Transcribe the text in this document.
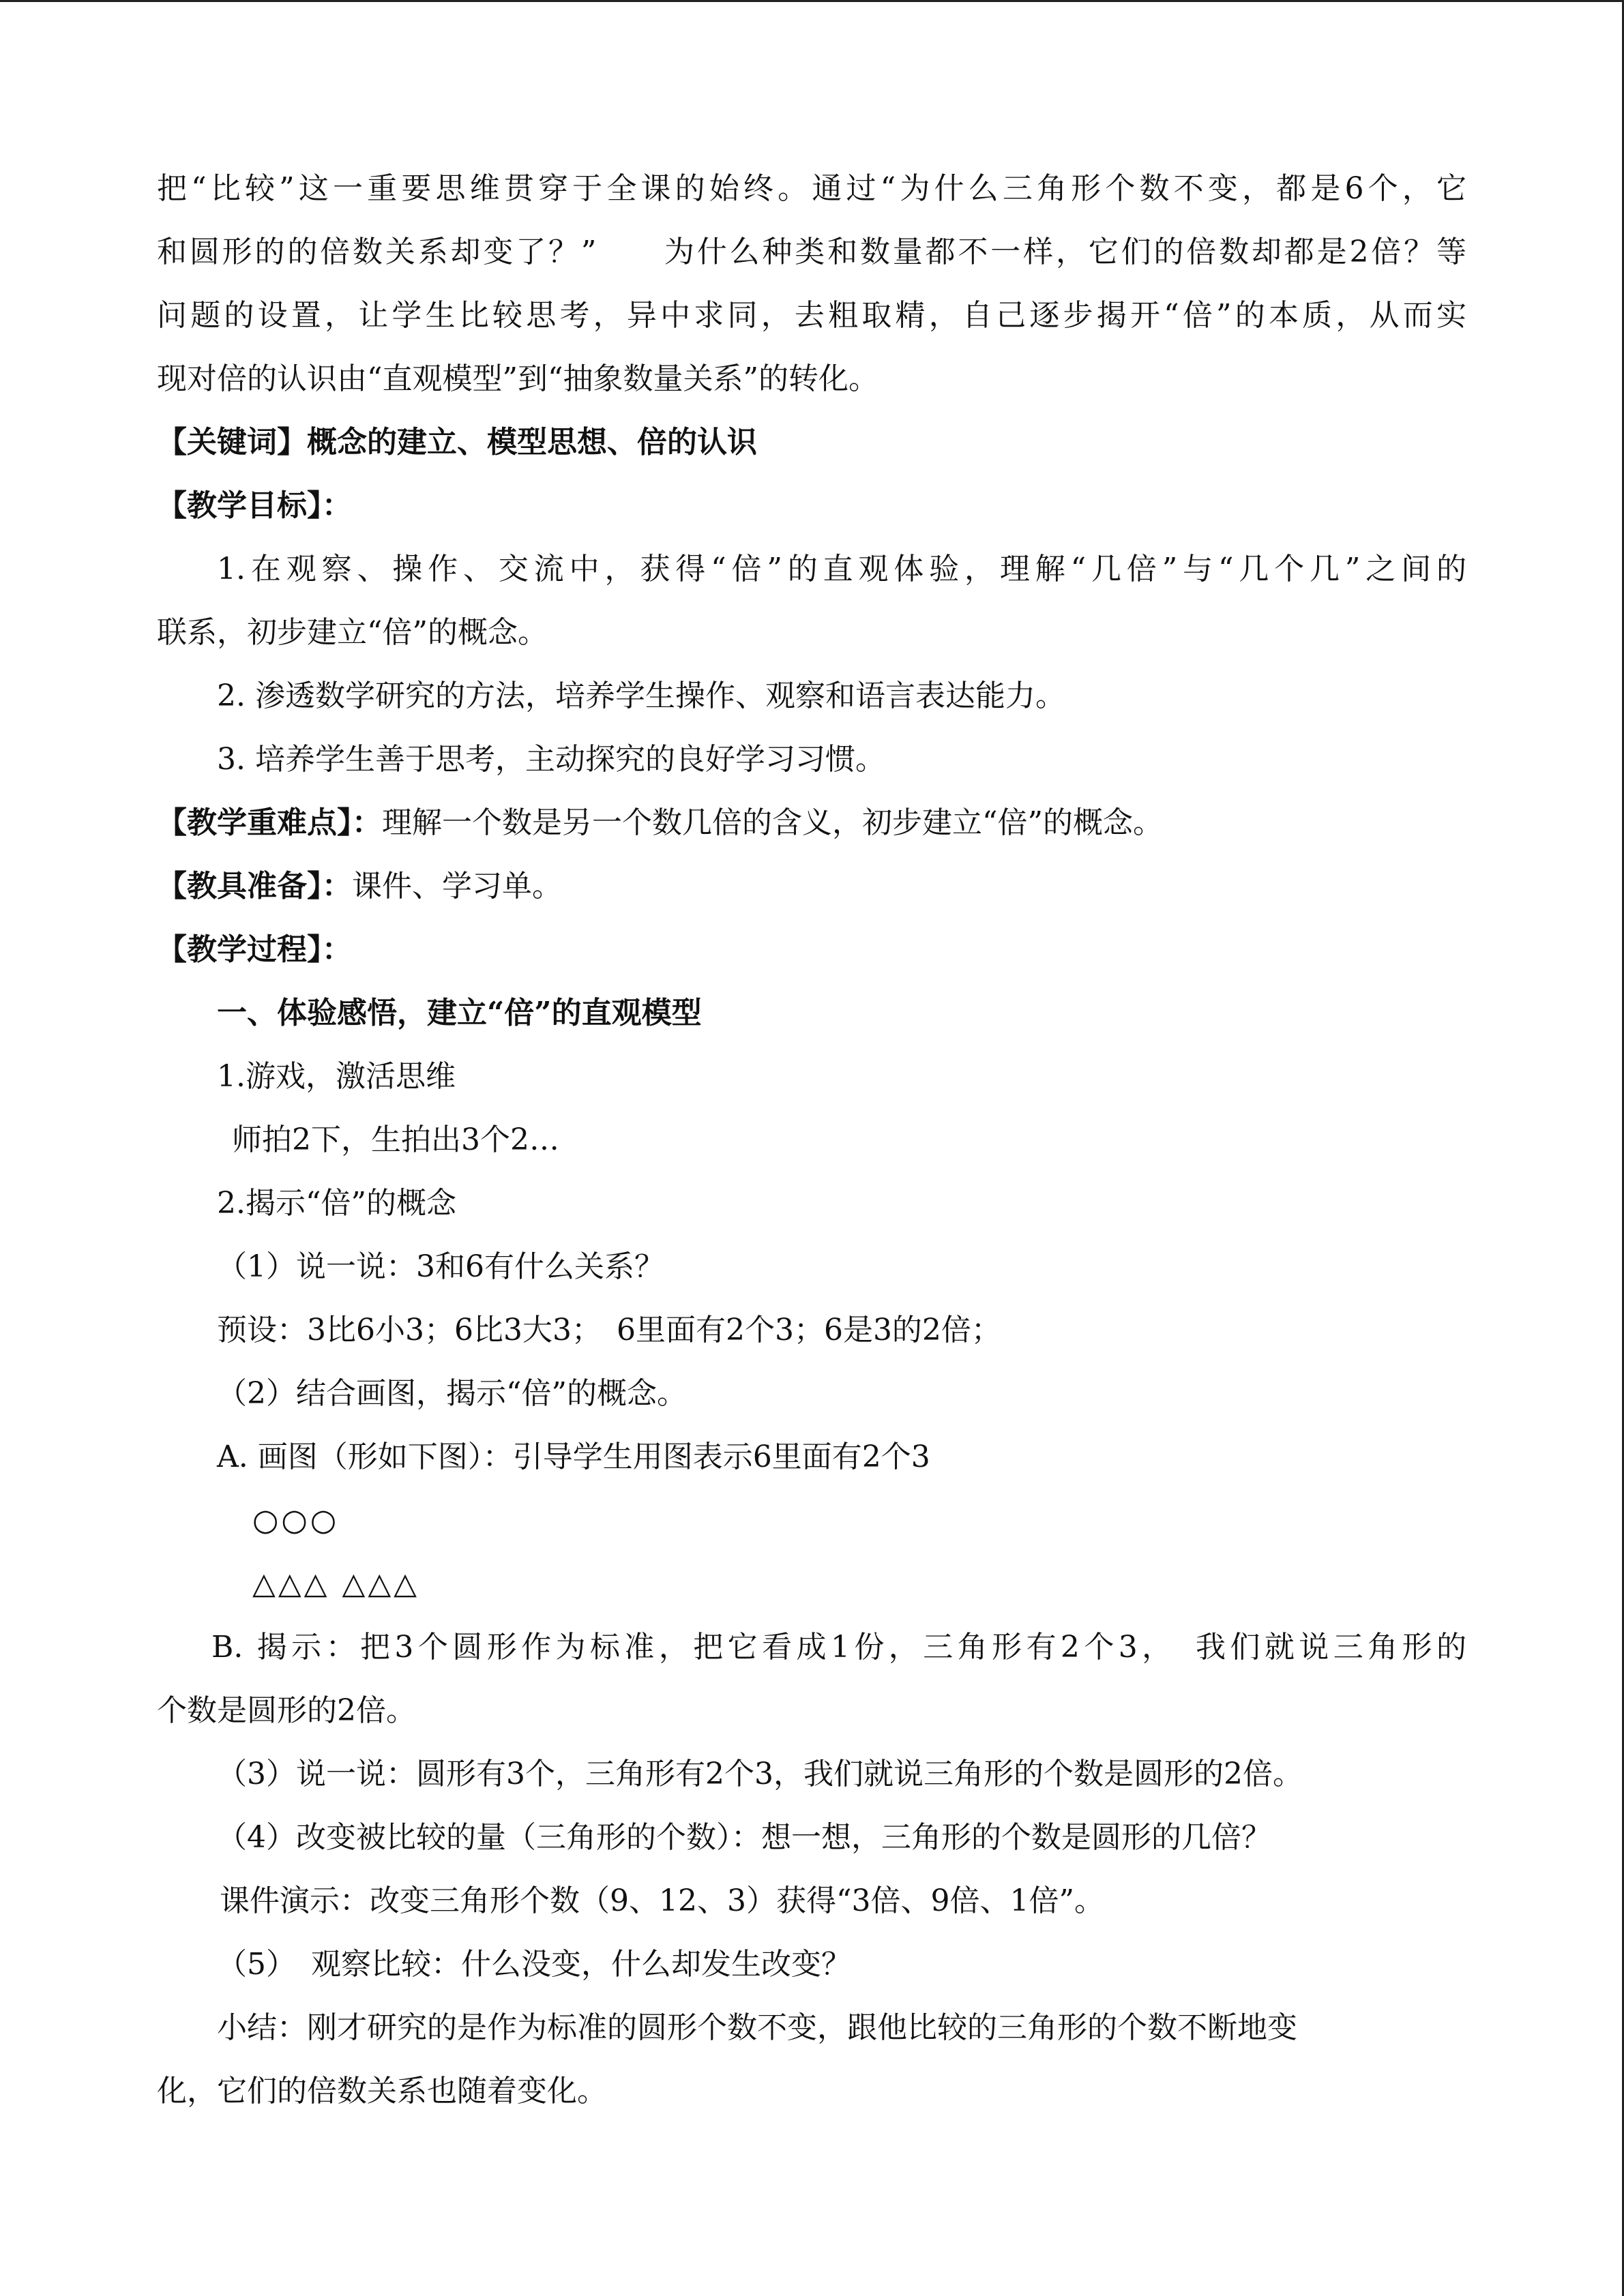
把“比较”这一重要思维贯穿于全课的始终。通过“为什么三角形个数不变，都是6个，它
和圆形的的倍数关系却变了？”　　为什么种类和数量都不一样，它们的倍数却都是2倍？等
问题的设置，让学生比较思考，异中求同，去粗取精，自己逐步揭开“倍”的本质，从而实
现对倍的认识由“直观模型”到“抽象数量关系”的转化。
【关键词】概念的建立、模型思想、倍的认识
【教学目标】：
1.在观察、操作、交流中，获得“倍”的直观体验，理解“几倍”与“几个几”之间的
联系，初步建立“倍”的概念。
2. 渗透数学研究的方法，培养学生操作、观察和语言表达能力。
3. 培养学生善于思考，主动探究的良好学习习惯。
【教学重难点】：理解一个数是另一个数几倍的含义，初步建立“倍”的概念。
【教具准备】：课件、学习单。
【教学过程】：
一、体验感悟，建立“倍”的直观模型
1.游戏，激活思维
师拍2下，生拍出3个2…
2.揭示“倍”的概念
（1）说一说：3和6有什么关系？
预设：3比6小3；6比3大3；　6里面有2个3；6是3的2倍；
（2）结合画图，揭示“倍”的概念。
A. 画图（形如下图）：引导学生用图表示6里面有2个3
○○○
△△△ △△△
B. 揭示：把3个圆形作为标准，把它看成1份，三角形有2个3，　我们就说三角形的
个数是圆形的2倍。
（3）说一说：圆形有3个，三角形有2个3，我们就说三角形的个数是圆形的2倍。
（4）改变被比较的量（三角形的个数）：想一想，三角形的个数是圆形的几倍？
课件演示：改变三角形个数（9、12、3）获得“3倍、9倍、1倍”。
（5）　观察比较：什么没变，什么却发生改变？
小结：刚才研究的是作为标准的圆形个数不变，跟他比较的三角形的个数不断地变
化，它们的倍数关系也随着变化。
